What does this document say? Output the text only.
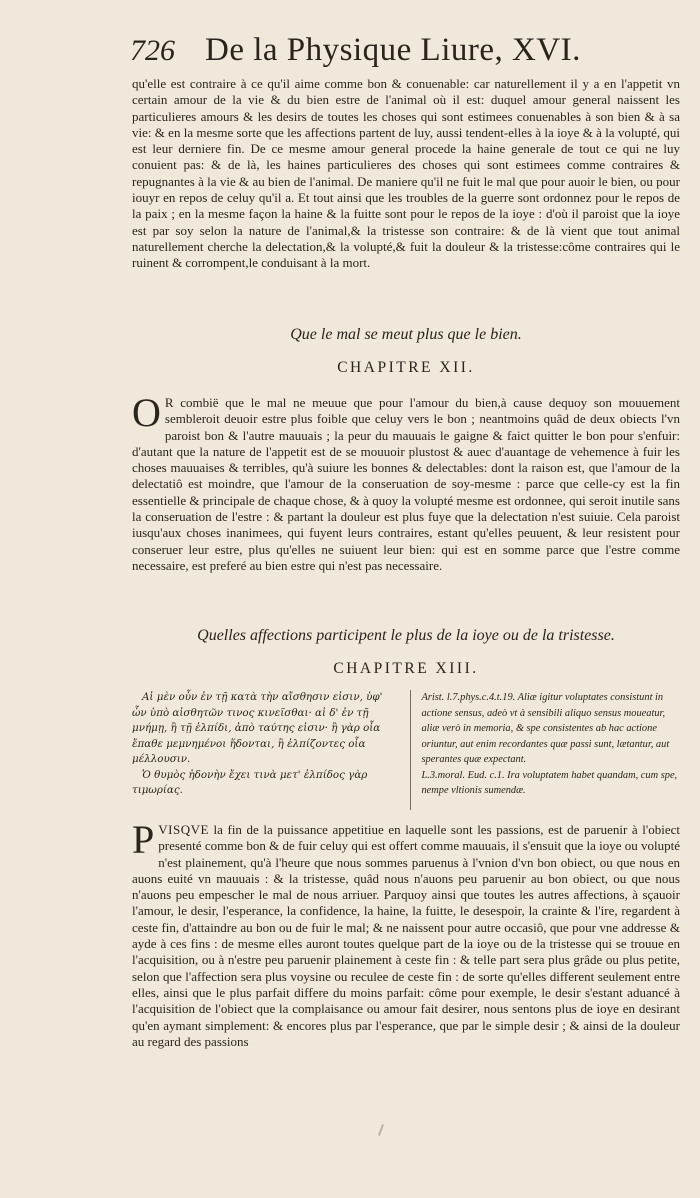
726 De la Physique Liure, XVI.

qu'elle est contraire à ce qu'il aime comme bon & conuenable: car naturellement il y a en l'appetit vn certain amour de la vie & du bien estre de l'animal où il est: duquel amour general naissent les particulieres amours & les desirs de toutes les choses qui sont estimees conuenables à son bien & à sa vie: & en la mesme sorte que les affections partent de luy, aussi tendent-elles à la ioye & à la volupté, qui est leur derniere fin. De ce mesme amour general procede la haine generale de tout ce qui ne luy conuient pas: & de là, les haines particulieres des choses qui sont estimees comme contraires & repugnantes à la vie & au bien de l'animal. De maniere qu'il ne fuit le mal que pour auoir le bien, ou pour iouyr en repos de celuy qu'il a. Et tout ainsi que les troubles de la guerre sont ordonnez pour le repos de la paix ; en la mesme façon la haine & la fuitte sont pour le repos de la ioye : d'où il paroist que la ioye est par soy selon la nature de l'animal,& la tristesse son contraire: & de là vient que tout animal naturellement cherche la delectation,& la volupté,& fuit la douleur & la tristesse:côme contraires qui le ruinent & corrompent,le conduisant à la mort.

Que le mal se meut plus que le bien.

CHAPITRE XII.

O R combië que le mal ne meuue que pour l'amour du bien,à cause dequoy son mouuement sembleroit deuoir estre plus foible que celuy vers le bon ; neantmoins quâd de deux obiects l'vn paroist bon & l'autre mauuais ; la peur du mauuais le gaigne & faict quitter le bon pour s'enfuir: d'autant que la nature de l'appetit est de se mouuoir plustost & auec d'auantage de vehemence à fuir les choses mauuaises & terribles, qu'à suiure les bonnes & delectables: dont la raison est, que l'amour de la delectatiô est moindre, que l'amour de la conseruation de soy-mesme : parce que celle-cy est la fin essentielle & principale de chaque chose, & à quoy la volupté mesme est ordonnee, qui seroit inutile sans la conseruation de l'estre : & partant la douleur est plus fuye que la delectation n'est suiuie. Cela paroist iusqu'aux choses inanimees, qui fuyent leurs contraires, estant qu'elles peuuent, & leur resistent pour conseruer leur estre, plus qu'elles ne suiuent leur bien: qui est en somme parce que l'estre comme necessaire, est preferé au bien estre qui n'est pas necessaire.

Quelles affections participent le plus de la ioye ou de la tristesse.

CHAPITRE XIII.

Αἱ μὲν οὖν ἐν τῇ κατὰ τὴν αἴσθησιν εἰσιν, ὑφ' ὧν ὑπὸ αἰσθητῶν τινος κινεῖσθαι· αἱ δ' ἐν τῇ μνήμῃ, ἢ τῇ ἐλπίδι, ἀπὸ ταύτης εἰσιν· ἢ γὰρ οἷα ἔπαθε μεμνημένοι ἥδονται, ἢ ἐλπίζοντες οἷα μέλλουσιν.

Ὁ θυμὸς ἡδονὴν ἔχει τινὰ μετ' ἐλπίδος γὰρ τιμωρίας.

Arist. l.7.phys.c.4.t.19. Aliæ igitur voluptates consistunt in actione sensus, adeò vt à sensibili aliquo sensus moueatur, aliæ verò in memoria, & spe consistentes ab hac actione oriuntur, aut enim recordantes quæ passi sunt, lætantur, aut sperantes quæ expectant.

L.3.moral. Eud. c.1. Ira voluptatem habet quandam, cum spe, nempe vltionis sumendæ.

P VISQVE la fin de la puissance appetitiue en laquelle sont les passions, est de paruenir à l'obiect presenté comme bon & de fuir celuy qui est offert comme mauuais, il s'ensuit que la ioye ou volupté n'est plainement, qu'à l'heure que nous sommes paruenus à l'vnion d'vn bon obiect, ou que nous en auons euité vn mauuais : & la tristesse, quâd nous n'auons peu paruenir au bon obiect, ou que nous n'auons peu empescher le mal de nous arriuer. Parquoy ainsi que toutes les autres affections, à sçauoir l'amour, le desir, l'esperance, la confidence, la haine, la fuitte, le desespoir, la crainte & l'ire, regardent à ceste fin, d'attaindre au bon ou de fuir le mal; & ne naissent pour autre occasiô, que pour vne addresse & ayde à ces fins : de mesme elles auront toutes quelque part de la ioye ou de la tristesse qui se trouue en l'acquisition, ou à n'estre peu paruenir plainement à ceste fin : & telle part sera plus grâde ou plus petite, selon que l'affection sera plus voysine ou reculee de ceste fin : de sorte qu'elles different seulement entre elles, ainsi que le plus parfait differe du moins parfait: côme pour exemple, le desir s'estant aduancé à l'acquisition de l'obiect que la complaisance ou amour fait desirer, nous sentons plus de ioye en desirant qu'en aymant simplement: & encores plus par l'esperance, que par le simple desir ; & ainsi de la douleur au regard des passions
